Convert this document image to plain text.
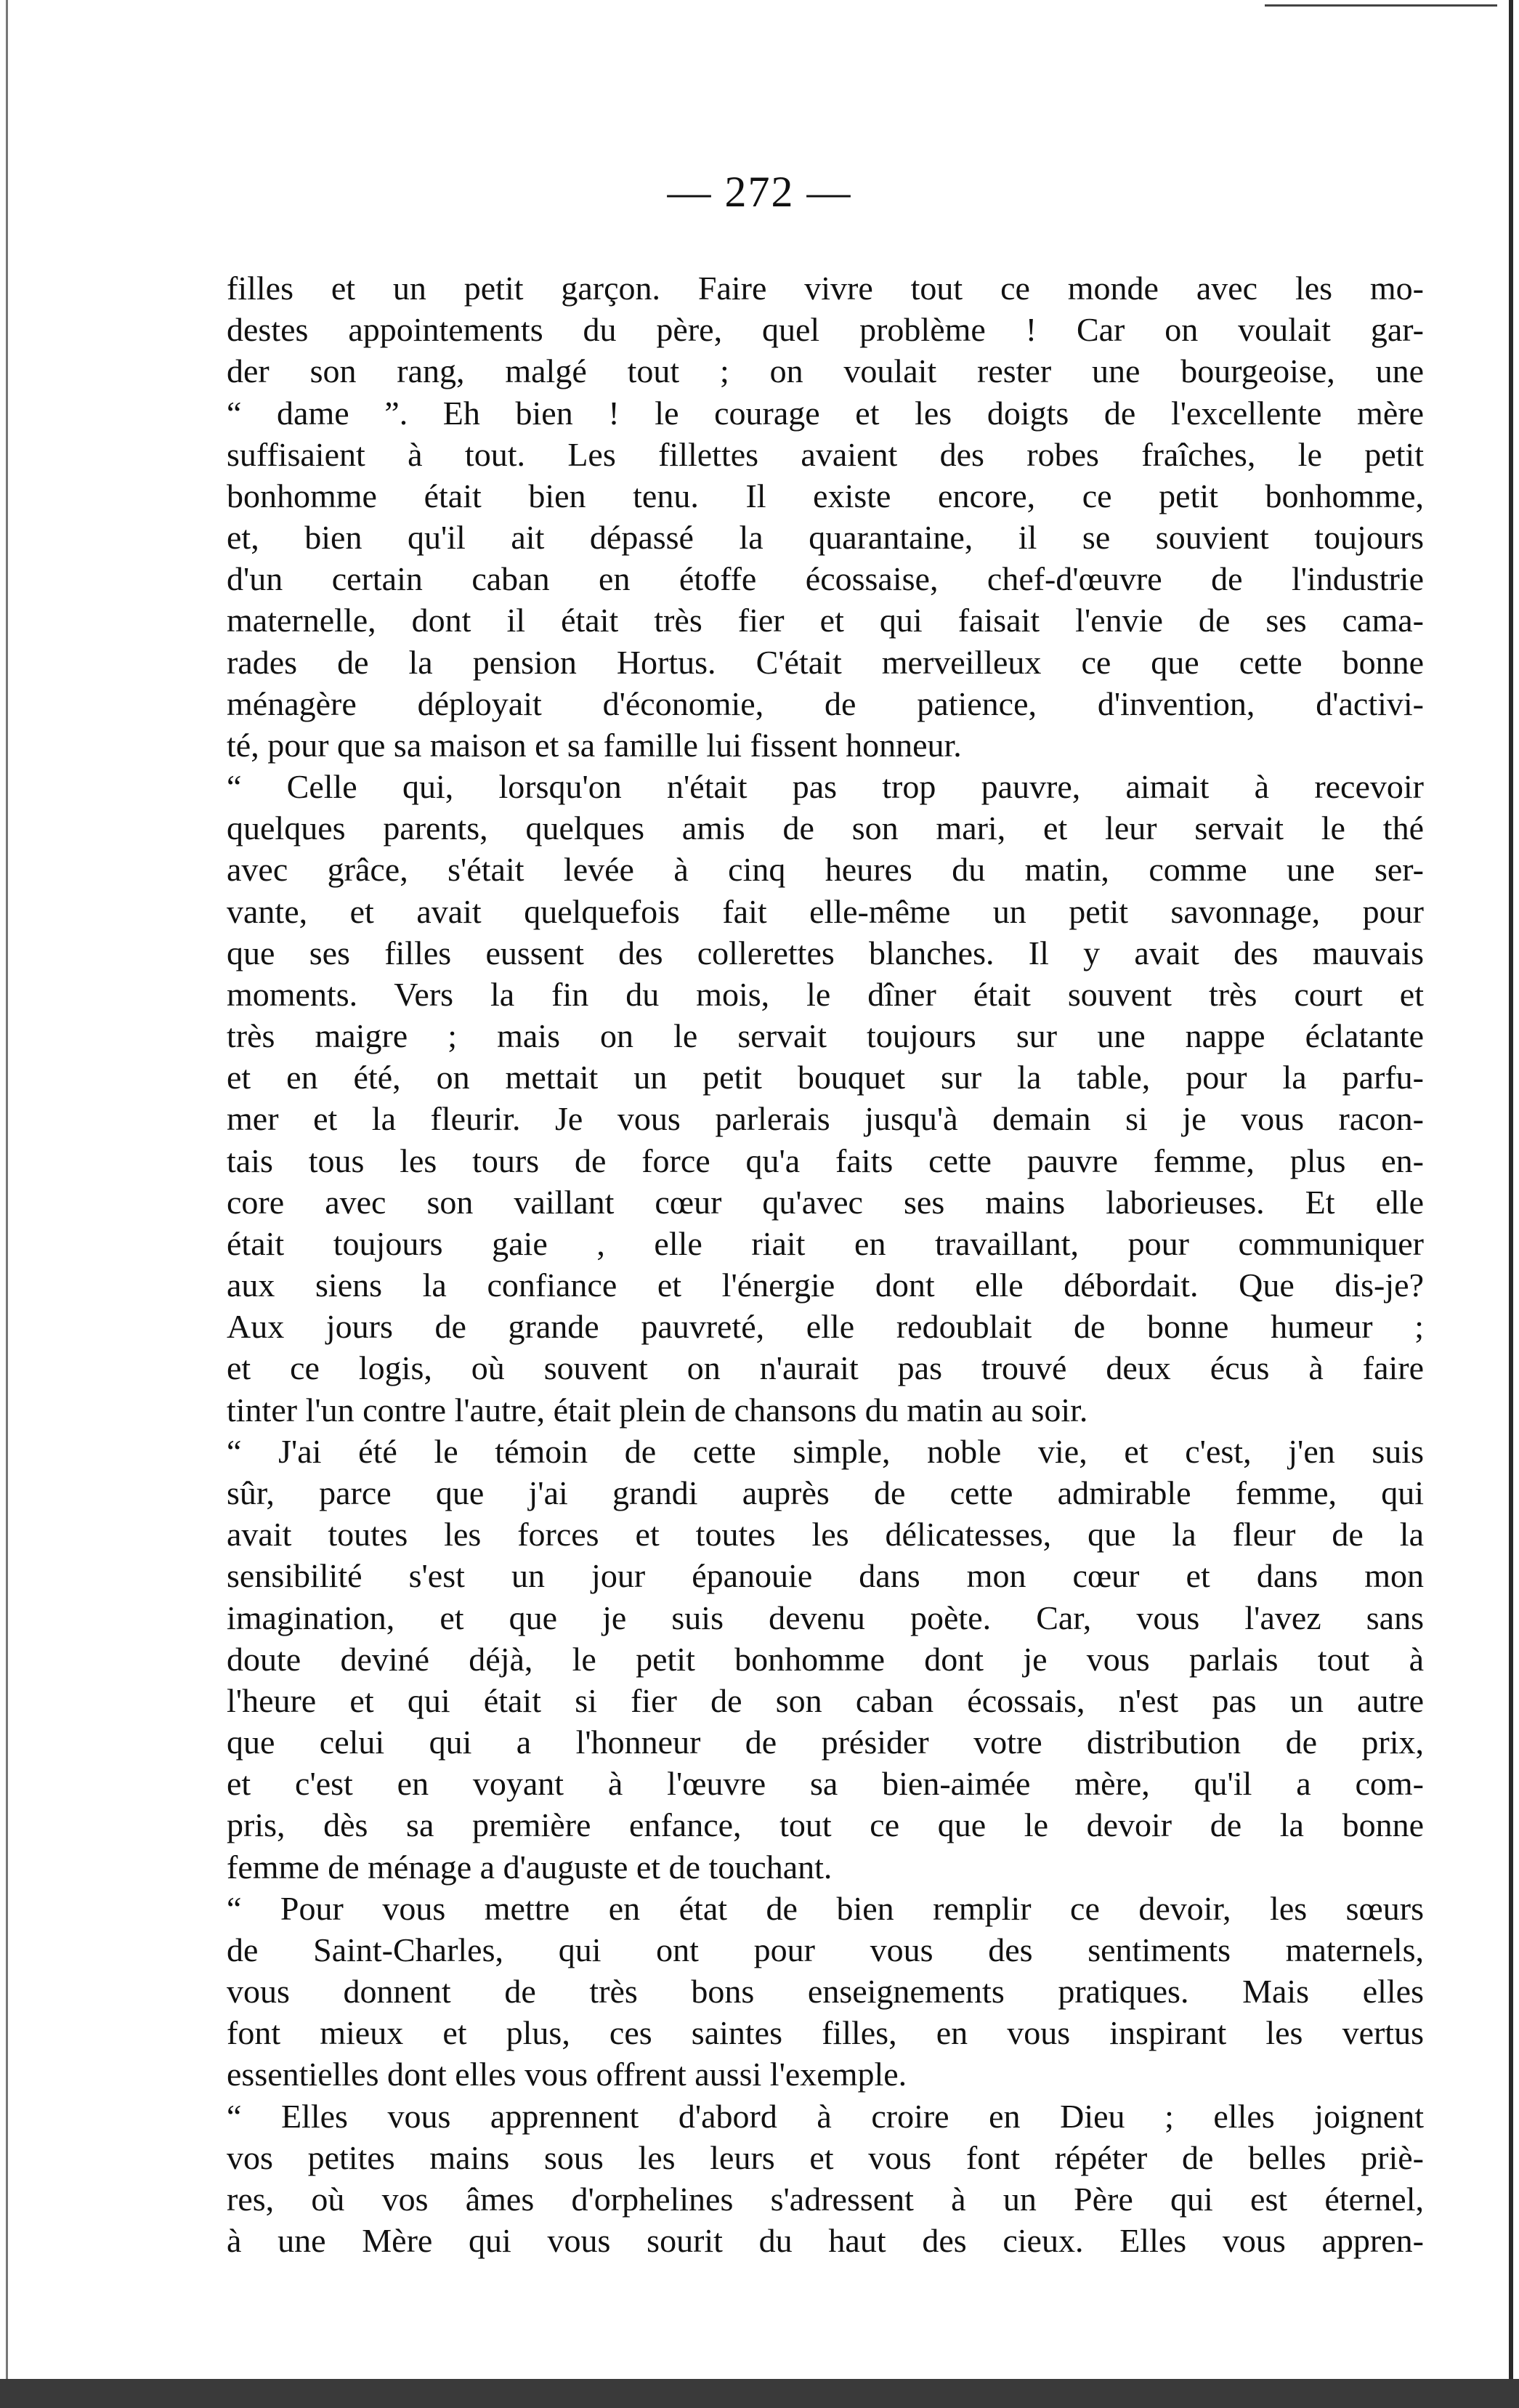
— 272 —
filles et un petit garçon. Faire vivre tout ce monde avec les mo-
destes appointements du père, quel problème ! Car on voulait gar-
der son rang, malgé tout ; on voulait rester une bourgeoise, une
“ dame ”. Eh bien ! le courage et les doigts de l'excellente mère
suffisaient à tout. Les fillettes avaient des robes fraîches, le petit
bonhomme était bien tenu. Il existe encore, ce petit bonhomme,
et, bien qu'il ait dépassé la quarantaine, il se souvient toujours
d'un certain caban en étoffe écossaise, chef-d'œuvre de l'industrie
maternelle, dont il était très fier et qui faisait l'envie de ses cama-
rades de la pension Hortus. C'était merveilleux ce que cette bonne
ménagère déployait d'économie, de patience, d'invention, d'activi-
té, pour que sa maison et sa famille lui fissent honneur.
“ Celle qui, lorsqu'on n'était pas trop pauvre, aimait à recevoir
quelques parents, quelques amis de son mari, et leur servait le thé
avec grâce, s'était levée à cinq heures du matin, comme une ser-
vante, et avait quelquefois fait elle-même un petit savonnage, pour
que ses filles eussent des collerettes blanches. Il y avait des mauvais
moments. Vers la fin du mois, le dîner était souvent très court et
très maigre ; mais on le servait toujours sur une nappe éclatante
et en été, on mettait un petit bouquet sur la table, pour la parfu-
mer et la fleurir. Je vous parlerais jusqu'à demain si je vous racon-
tais tous les tours de force qu'a faits cette pauvre femme, plus en-
core avec son vaillant cœur qu'avec ses mains laborieuses. Et elle
était toujours gaie , elle riait en travaillant, pour communiquer
aux siens la confiance et l'énergie dont elle débordait. Que dis-je?
Aux jours de grande pauvreté, elle redoublait de bonne humeur ;
et ce logis, où souvent on n'aurait pas trouvé deux écus à faire
tinter l'un contre l'autre, était plein de chansons du matin au soir.
“ J'ai été le témoin de cette simple, noble vie, et c'est, j'en suis
sûr, parce que j'ai grandi auprès de cette admirable femme, qui
avait toutes les forces et toutes les délicatesses, que la fleur de la
sensibilité s'est un jour épanouie dans mon cœur et dans mon
imagination, et que je suis devenu poète. Car, vous l'avez sans
doute deviné déjà, le petit bonhomme dont je vous parlais tout à
l'heure et qui était si fier de son caban écossais, n'est pas un autre
que celui qui a l'honneur de présider votre distribution de prix,
et c'est en voyant à l'œuvre sa bien-aimée mère, qu'il a com-
pris, dès sa première enfance, tout ce que le devoir de la bonne
femme de ménage a d'auguste et de touchant.
“ Pour vous mettre en état de bien remplir ce devoir, les sœurs
de Saint-Charles, qui ont pour vous des sentiments maternels,
vous donnent de très bons enseignements pratiques. Mais elles
font mieux et plus, ces saintes filles, en vous inspirant les vertus
essentielles dont elles vous offrent aussi l'exemple.
“ Elles vous apprennent d'abord à croire en Dieu ; elles joignent
vos petites mains sous les leurs et vous font répéter de belles priè-
res, où vos âmes d'orphelines s'adressent à un Père qui est éternel,
à une Mère qui vous sourit du haut des cieux. Elles vous appren-
